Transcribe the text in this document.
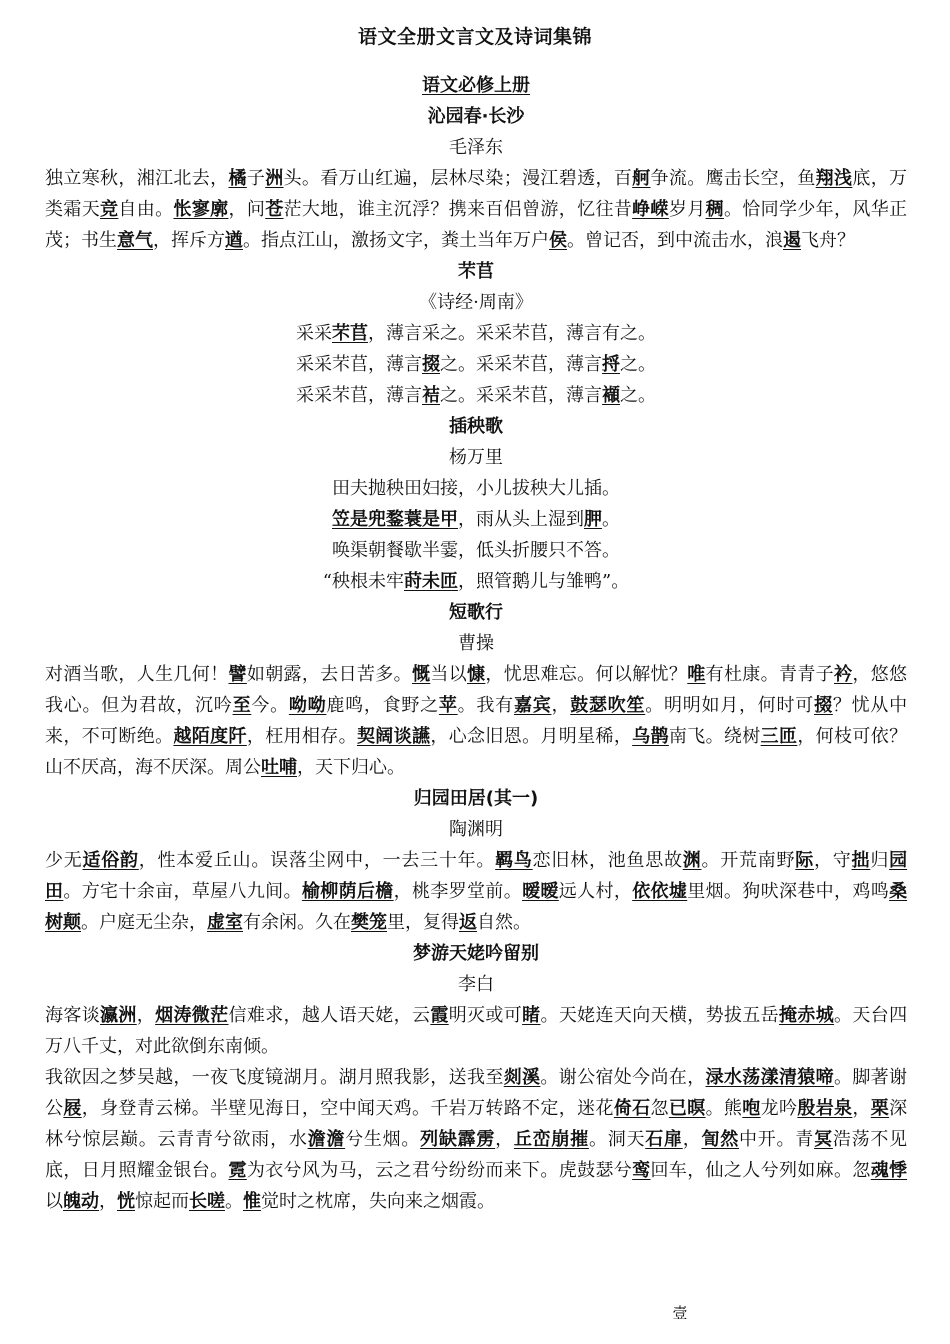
语文全册文言文及诗词集锦
语文必修上册
沁园春·长沙
毛泽东
独立寒秋，湘江北去，橘子洲头。看万山红遍，层林尽染；漫江碧透，百舸争流。鹰击长空，鱼翔浅底，万类霜天竞自由。怅寥廓，问苍茫大地，谁主沉浮？携来百侣曾游，忆往昔峥嵘岁月稠。恰同学少年，风华正茂；书生意气，挥斥方遒。指点江山，激扬文字，粪土当年万户侯。曾记否，到中流击水，浪遏飞舟？
芣苢
《诗经·周南》
采采芣苢，薄言采之。采采芣苢，薄言有之。
采采芣苢，薄言掇之。采采芣苢，薄言捋之。
采采芣苢，薄言袺之。采采芣苢，薄言襭之。
插秧歌
杨万里
田夫抛秧田妇接，小儿拔秧大儿插。
笠是兜鍪蓑是甲，雨从头上湿到胛。
唤渠朝餐歇半霎，低头折腰只不答。
“秧根未牢莳未匝，照管鹅儿与雏鸭”。
短歌行
曹操
对酒当歌，人生几何！譬如朝露，去日苦多。慨当以慷，忧思难忘。何以解忧？唯有杜康。青青子衿，悠悠我心。但为君故，沉吟至今。呦呦鹿鸣，食野之苹。我有嘉宾，鼓瑟吹笙。明明如月，何时可掇？忧从中来，不可断绝。越陌度阡，枉用相存。契阔谈讌，心念旧恩。月明星稀，乌鹊南飞。绕树三匝，何枝可依？山不厌高，海不厌深。周公吐哺，天下归心。
归园田居(其一)
陶渊明
少无适俗韵，性本爱丘山。误落尘网中，一去三十年。羁鸟恋旧林，池鱼思故渊。开荒南野际，守拙归园田。方宅十余亩，草屋八九间。榆柳荫后檐，桃李罗堂前。暧暧远人村，依依墟里烟。狗吠深巷中，鸡鸣桑树颠。户庭无尘杂，虚室有余闲。久在樊笼里，复得返自然。
梦游天姥吟留别
李白
海客谈瀛洲，烟涛微茫信难求，越人语天姥，云霞明灭或可睹。天姥连天向天横，势拔五岳掩赤城。天台四万八千丈，对此欲倒东南倾。
我欲因之梦吴越，一夜飞度镜湖月。湖月照我影，送我至剡溪。谢公宿处今尚在，渌水荡漾清猿啼。脚著谢公屐，身登青云梯。半壁见海日，空中闻天鸡。千岩万转路不定，迷花倚石忽已暝。熊咆龙吟殷岩泉，栗深林兮惊层巅。云青青兮欲雨，水澹澹兮生烟。列缺霹雳，丘峦崩摧。洞天石扉，訇然中开。青冥浩荡不见底，日月照耀金银台。霓为衣兮风为马，云之君兮纷纷而来下。虎鼓瑟兮鸾回车，仙之人兮列如麻。忽魂悸以魄动，恍惊起而长嗟。惟觉时之枕席，失向来之烟霞。
壹
